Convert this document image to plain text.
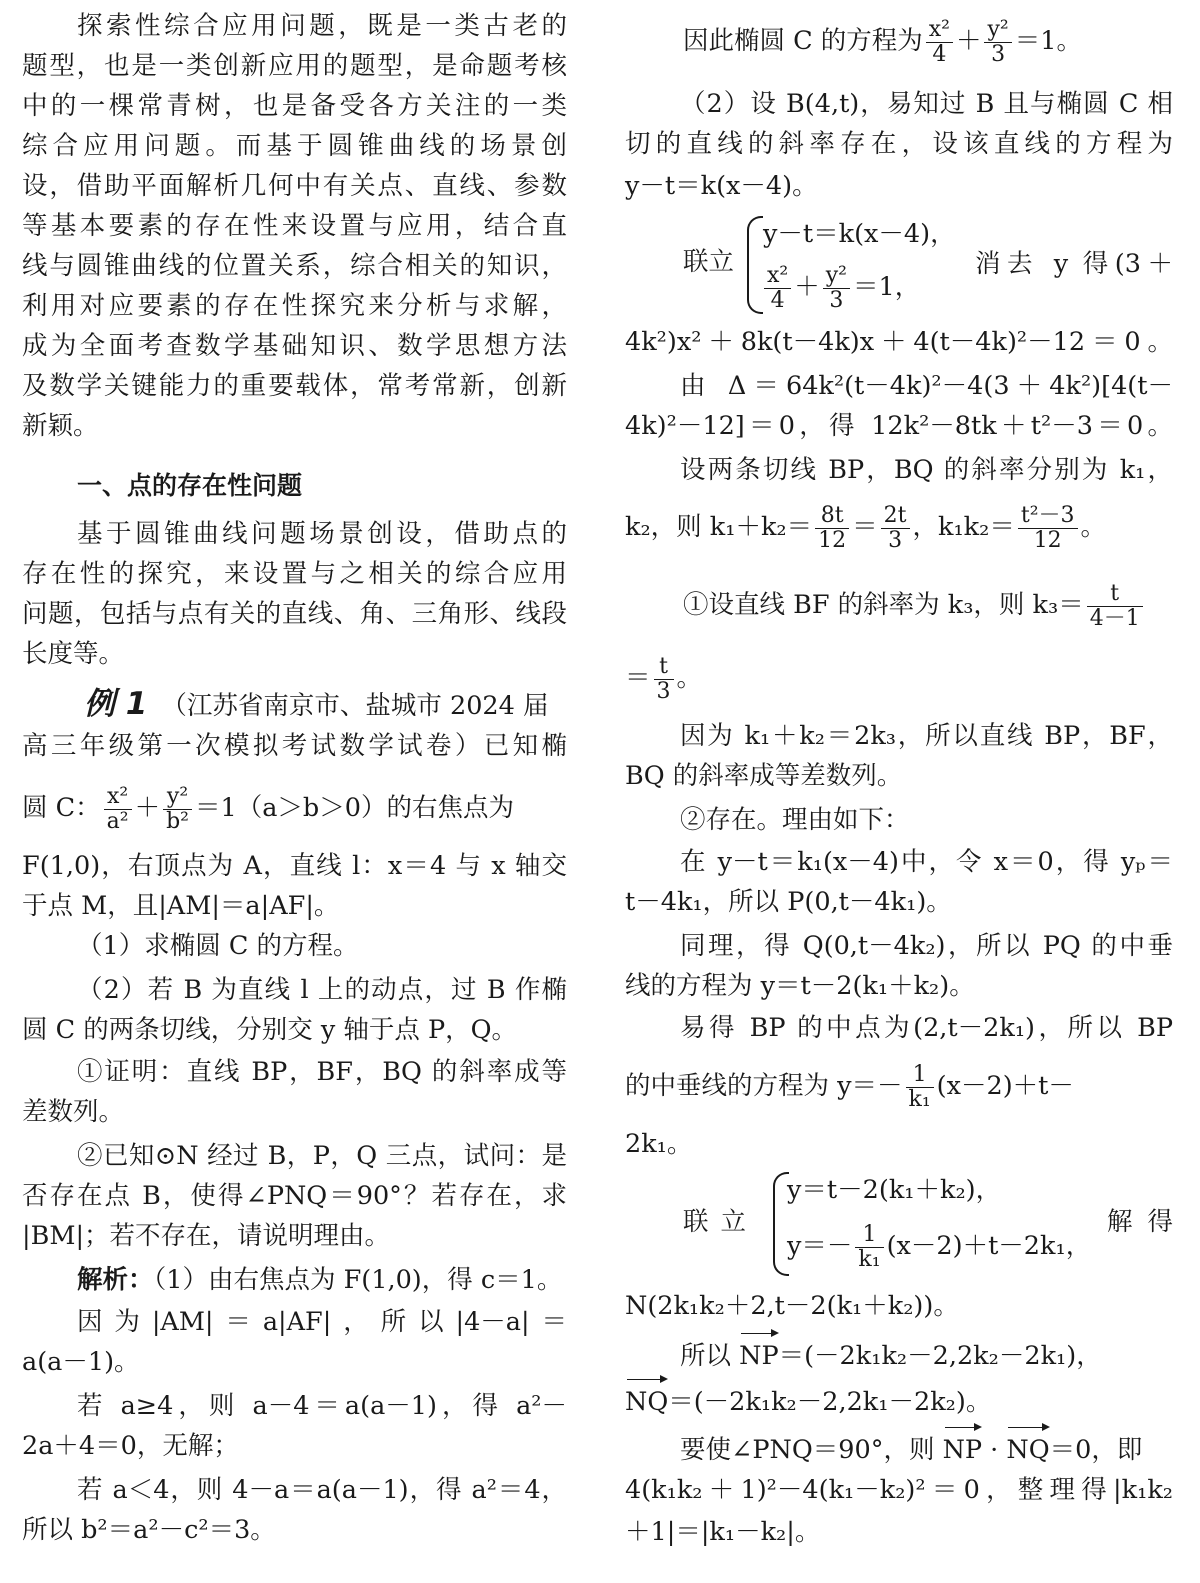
探索性综合应用问题，既是一类古老的
题型，也是一类创新应用的题型，是命题考核
中的一棵常青树，也是备受各方关注的一类
综合应用问题。而基于圆锥曲线的场景创
设，借助平面解析几何中有关点、直线、参数
等基本要素的存在性来设置与应用，结合直
线与圆锥曲线的位置关系，综合相关的知识，
利用对应要素的存在性探究来分析与求解，
成为全面考查数学基础知识、数学思想方法
及数学关键能力的重要载体，常考常新，创新
新颖。
一、点的存在性问题
基于圆锥曲线问题场景创设，借助点的
存在性的探究，来设置与之相关的综合应用
问题，包括与点有关的直线、角、三角形、线段
长度等。
例 1 （江苏省南京市、盐城市 2024 届
高三年级第一次模拟考试数学试卷）已知椭
圆 C： $\frac{\text{x²}}{\text{a²}} + \frac{\text{y²}}{\text{b²}} =1(a>b>0)$的右焦点为
F(1,0)，右顶点为 A，直线 l：x＝4 与 x 轴交
于点 M，且|AM|＝a|AF|。
（1）求椭圆 C 的方程。
（2）若 B 为直线 l 上的动点，过 B 作椭
圆 C 的两条切线，分别交 y 轴于点 P，Q。
①证明：直线 BP，BF，BQ 的斜率成等
差数列。
②已知⊙N 经过 B，P，Q 三点，试问：是
否存在点 B，使得∠PNQ＝90°？若存在，求
|BM|；若不存在，请说明理由。
解析：（1）由右焦点为 F(1,0)，得 c＝1。
因为|AM|＝a|AF|，所以|4－a|＝
a(a－1)。
若 a≥4，则 a－4＝a(a－1)，得 a²－
2a＋4＝0，无解；
若 a＜4，则 4－a＝a(a－1)，得 a²＝4，
所以 b²＝a²－c²＝3。
因此椭圆 C 的方程为 $\frac{\text{x²}}{4} + \frac{\text{y²}}{3} =1$。
（2）设 B(4,t)，易知过 B 且与椭圆 C 相
切的直线的斜率存在，设该直线的方程为
y－t＝k(x－4)。
联立
y－t＝k(x－4)，
$\frac{\text{x²}}{4} + \frac{\text{y²}}{3} =1$，
消去 y 得(3＋
4k²)x²＋8k(t－4k)x＋4(t－4k)²－12＝0。
由 Δ＝64k²(t－4k)²－4(3＋4k²)[4(t－
4k)²－12]＝0，得 12k²－8tk＋t²－3＝0。
设两条切线 BP，BQ 的斜率分别为 k₁，
k₂，则 $k_1+k_2= \frac{8t}{12} = \frac{2t}{3}$ ，$k_1k_2= \frac{\text{t²－3}}{12}$ 。
①设直线 BF 的斜率为 k₃，则 $k_3= \frac{t}{4-1}$
＝ $\frac{t}{3}$ 。
因为 k₁＋k₂＝2k₃，所以直线 BP，BF，
BQ 的斜率成等差数列。
②存在。理由如下：
在 y－t＝k₁(x－4)中，令 x＝0，得 yₚ＝
t－4k₁，所以 P(0,t－4k₁)。
同理，得 Q(0,t－4k₂)，所以 PQ 的中垂
线的方程为 y＝t－2(k₁＋k₂)。
易得 BP 的中点为(2,t－2k₁)，所以 BP
的中垂线的方程为 $y=- \frac{1}{\text{k₁}} (x-2)+t-$
2k₁。
联立
y＝t－2(k₁＋k₂)，
$y=- \frac{1}{\text{k₁}} (x-2)+t-2k_1$，
解得
N(2k₁k₂＋2,t－2(k₁＋k₂))。
所以 NP＝(－2k₁k₂－2,2k₂－2k₁)，
NQ＝(－2k₁k₂－2,2k₁－2k₂)。
要使∠PNQ＝90°，则 NP · NQ＝0，即
4(k₁k₂＋1)²－4(k₁－k₂)²＝0，整理得|k₁k₂
＋1|＝|k₁－k₂|。
